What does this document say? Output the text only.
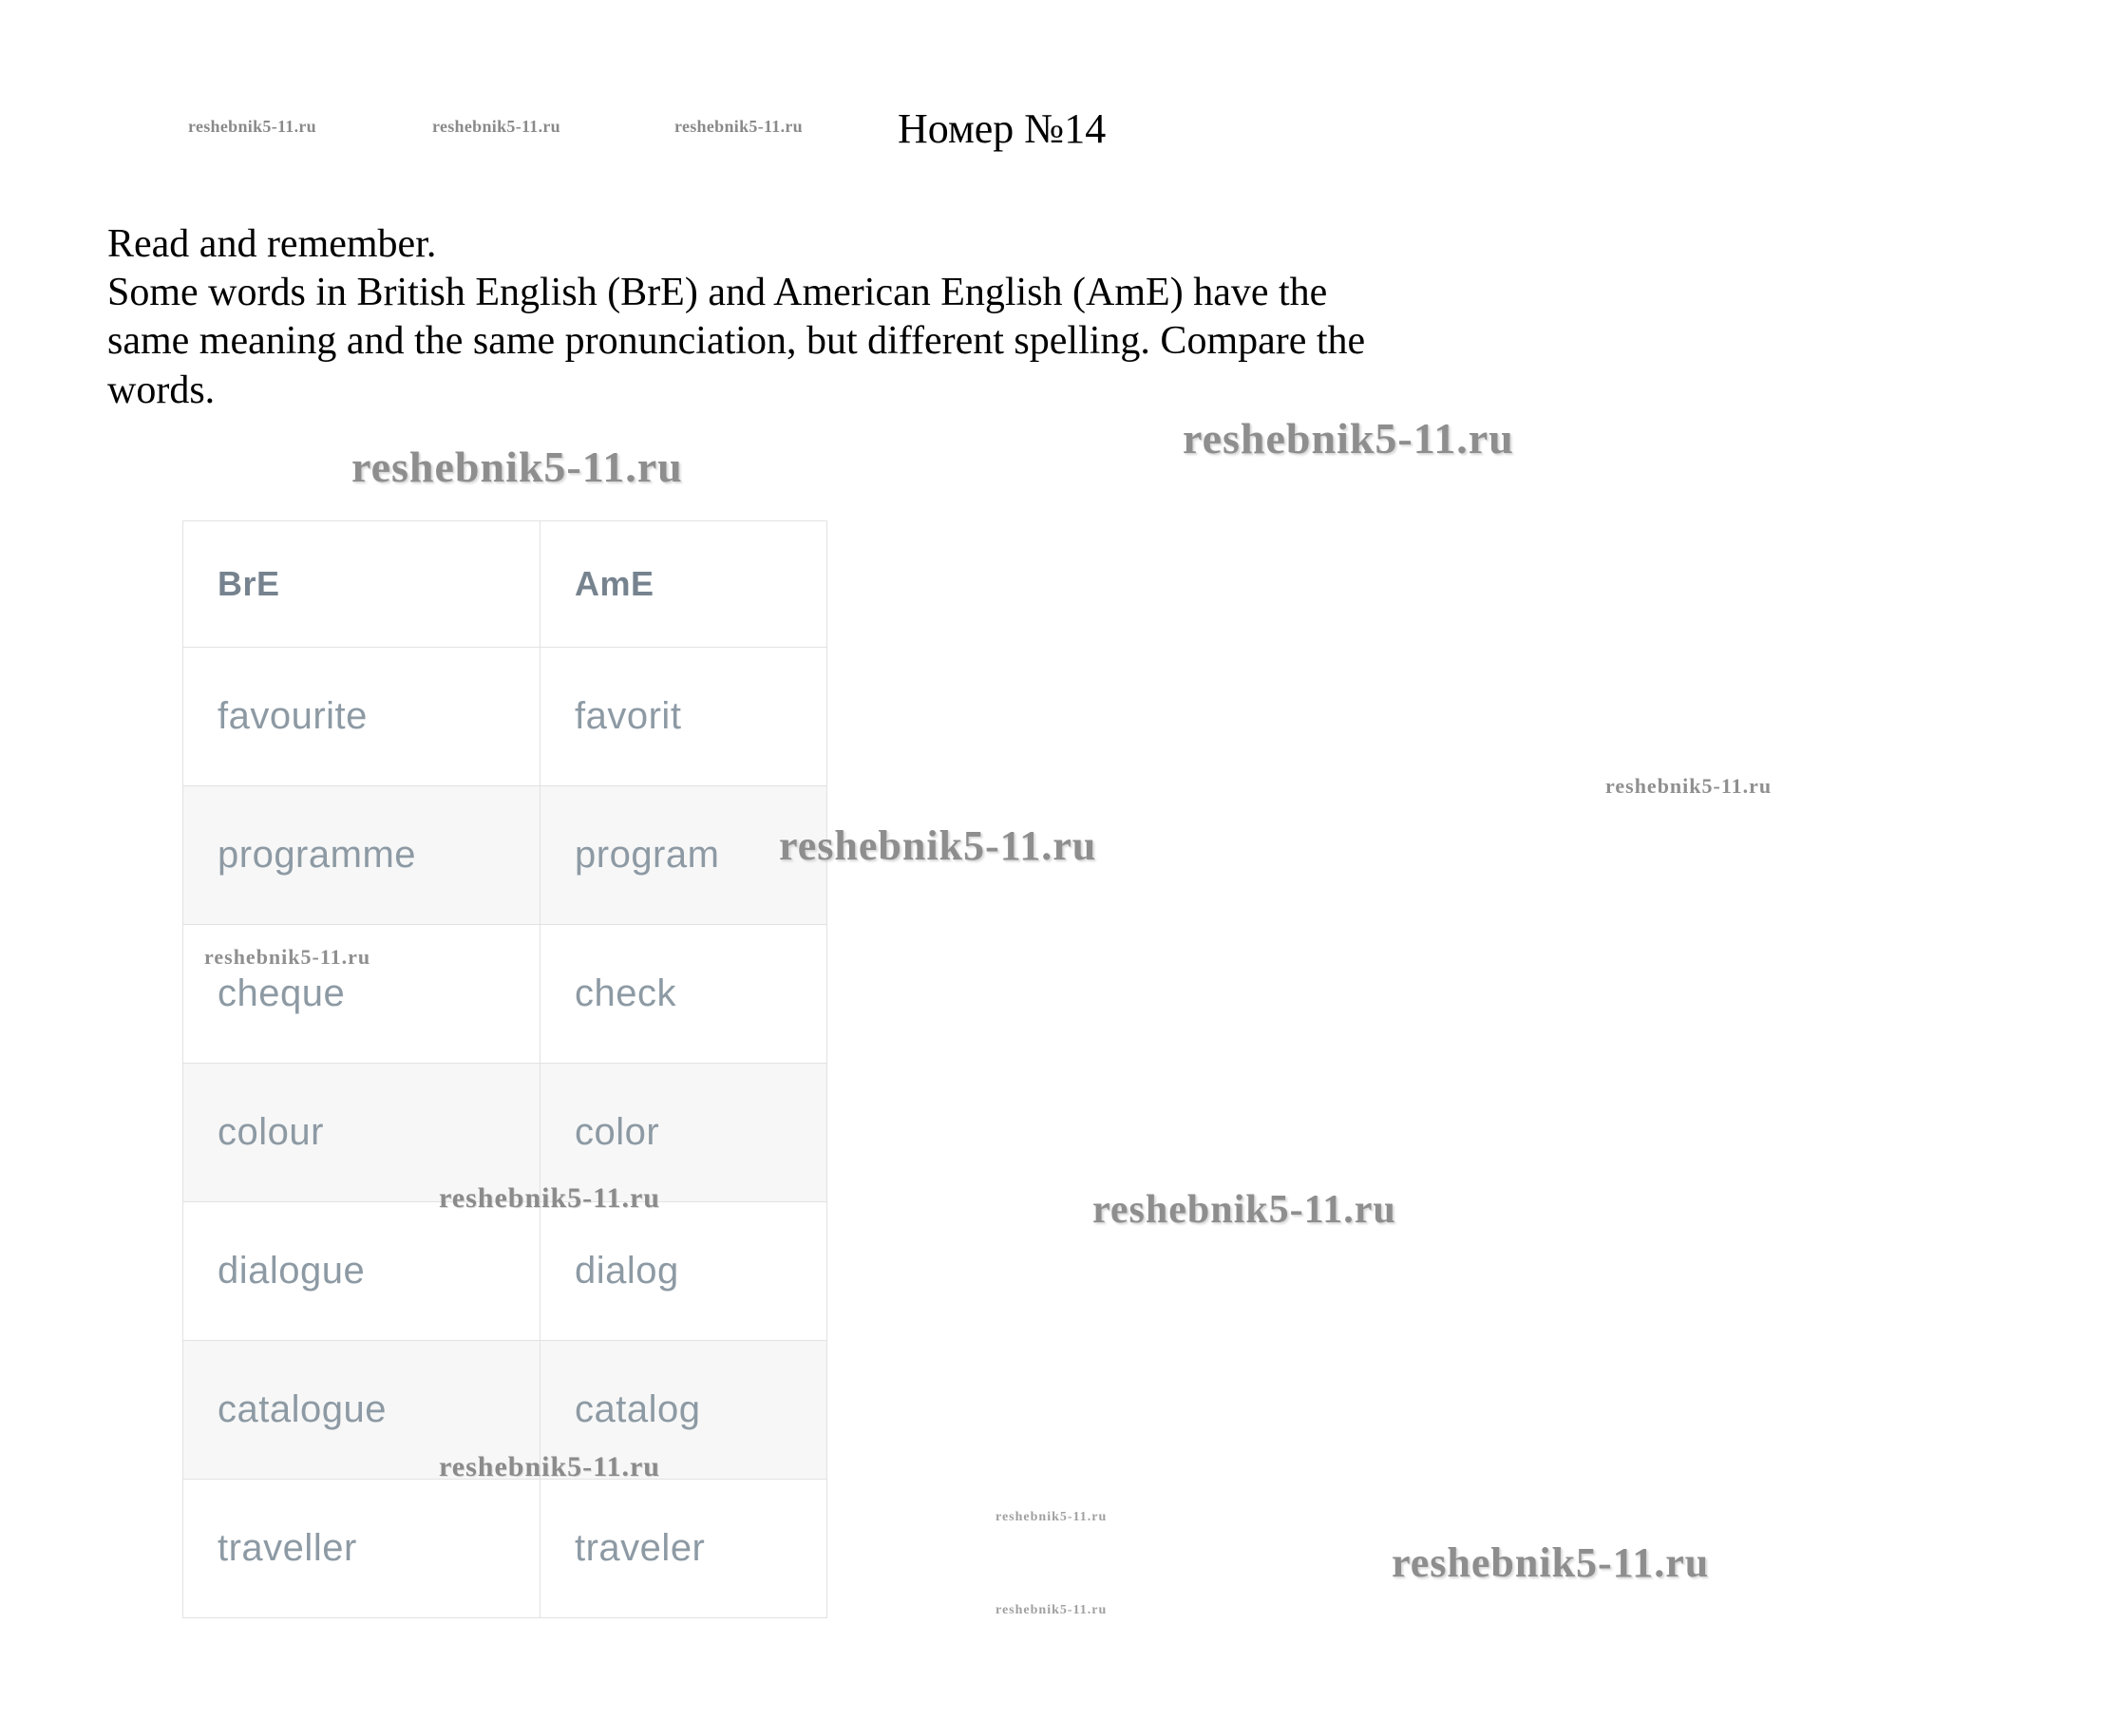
reshebnik5-11.ru	reshebnik5-11.ru	reshebnik5-11.ru Номер №14

Read and remember.

Some words in British English (BrE) and American English (AmE) have the

same meaning and the same pronunciation, but different spelling. Compare the

words.

BrE	AmE
favourite	favorit
programme	program
cheque	check
colour	color
dialogue	dialog
catalogue	catalog
traveller	traveler
reshebnik5-11.ru
reshebnik5-11.ru
reshebnik5-11.ru
reshebnik5-11.ru
reshebnik5-11.ru
reshebnik5-11.ru	reshebnik5-11.ru
reshebnik5-11.ru
reshebnik5-11.ru
reshebnik5-11.ru
reshebnik5-11.ru
